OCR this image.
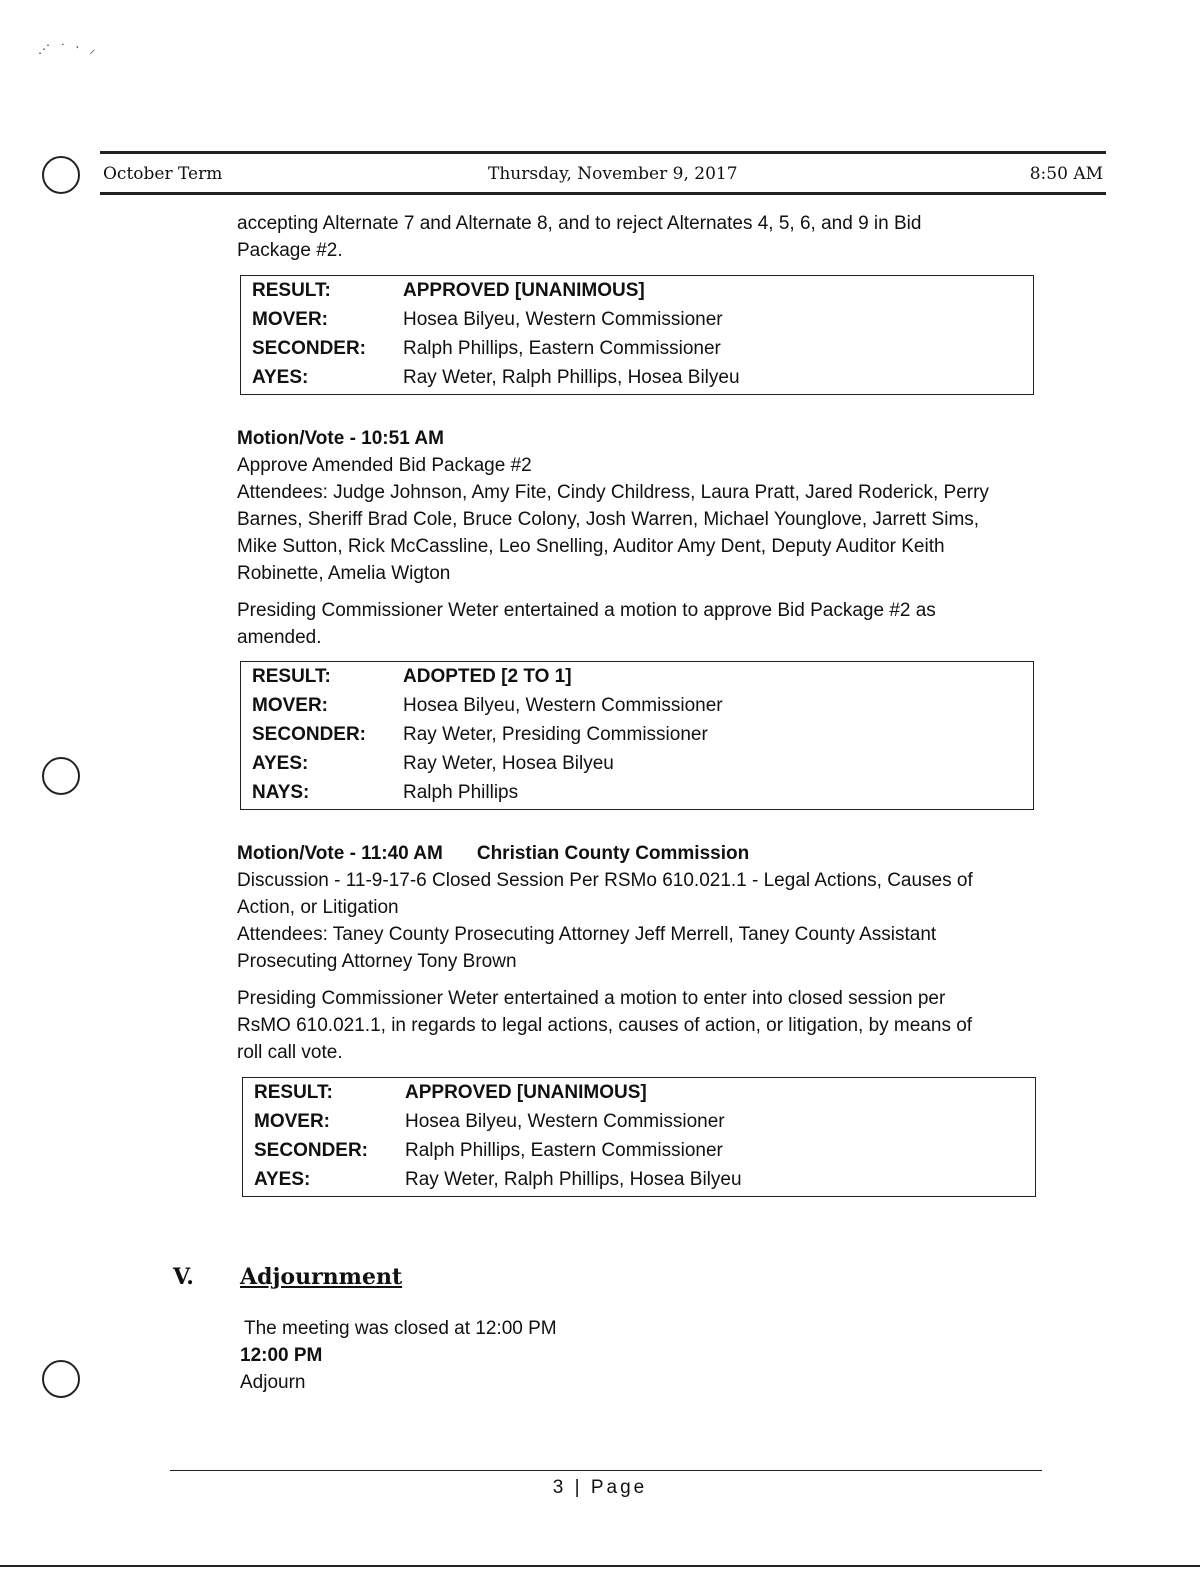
⋰ ˙ ˑ ⸝
October Term	Thursday, November 9, 2017	8:50 AM

accepting Alternate 7 and Alternate 8, and to reject Alternates 4, 5, 6, and 9 in Bid

Package #2.

RESULT:	APPROVED [UNANIMOUS]
MOVER:	Hosea Bilyeu, Western Commissioner
SECONDER: Ralph Phillips, Eastern Commissioner
AYES:	Ray Weter, Ralph Phillips, Hosea Bilyeu

Motion/Vote - 10:51 AM

Approve Amended Bid Package #2

Attendees: Judge Johnson, Amy Fite, Cindy Childress, Laura Pratt, Jared Roderick, Perry

Barnes, Sheriff Brad Cole, Bruce Colony, Josh Warren, Michael Younglove, Jarrett Sims,

Mike Sutton, Rick McCassline, Leo Snelling, Auditor Amy Dent, Deputy Auditor Keith

Robinette, Amelia Wigton

Presiding Commissioner Weter entertained a motion to approve Bid Package #2 as

amended.

RESULT:	ADOPTED [2 TO 1]
MOVER:	Hosea Bilyeu, Western Commissioner
SECONDER: Ray Weter, Presiding Commissioner
AYES:	Ray Weter, Hosea Bilyeu
NAYS:	Ralph Phillips

Motion/Vote - 11:40 AM Christian County Commission

Discussion - 11-9-17-6 Closed Session Per RSMo 610.021.1 - Legal Actions, Causes of

Action, or Litigation

Attendees: Taney County Prosecuting Attorney Jeff Merrell, Taney County Assistant

Prosecuting Attorney Tony Brown

Presiding Commissioner Weter entertained a motion to enter into closed session per

RsMO 610.021.1, in regards to legal actions, causes of action, or litigation, by means of

roll call vote.

RESULT:	APPROVED [UNANIMOUS]
MOVER:	Hosea Bilyeu, Western Commissioner
SECONDER: Ralph Phillips, Eastern Commissioner
AYES:	Ray Weter, Ralph Phillips, Hosea Bilyeu
V. Adjournment

The meeting was closed at 12:00 PM

12:00 PM

Adjourn

3 | Page
